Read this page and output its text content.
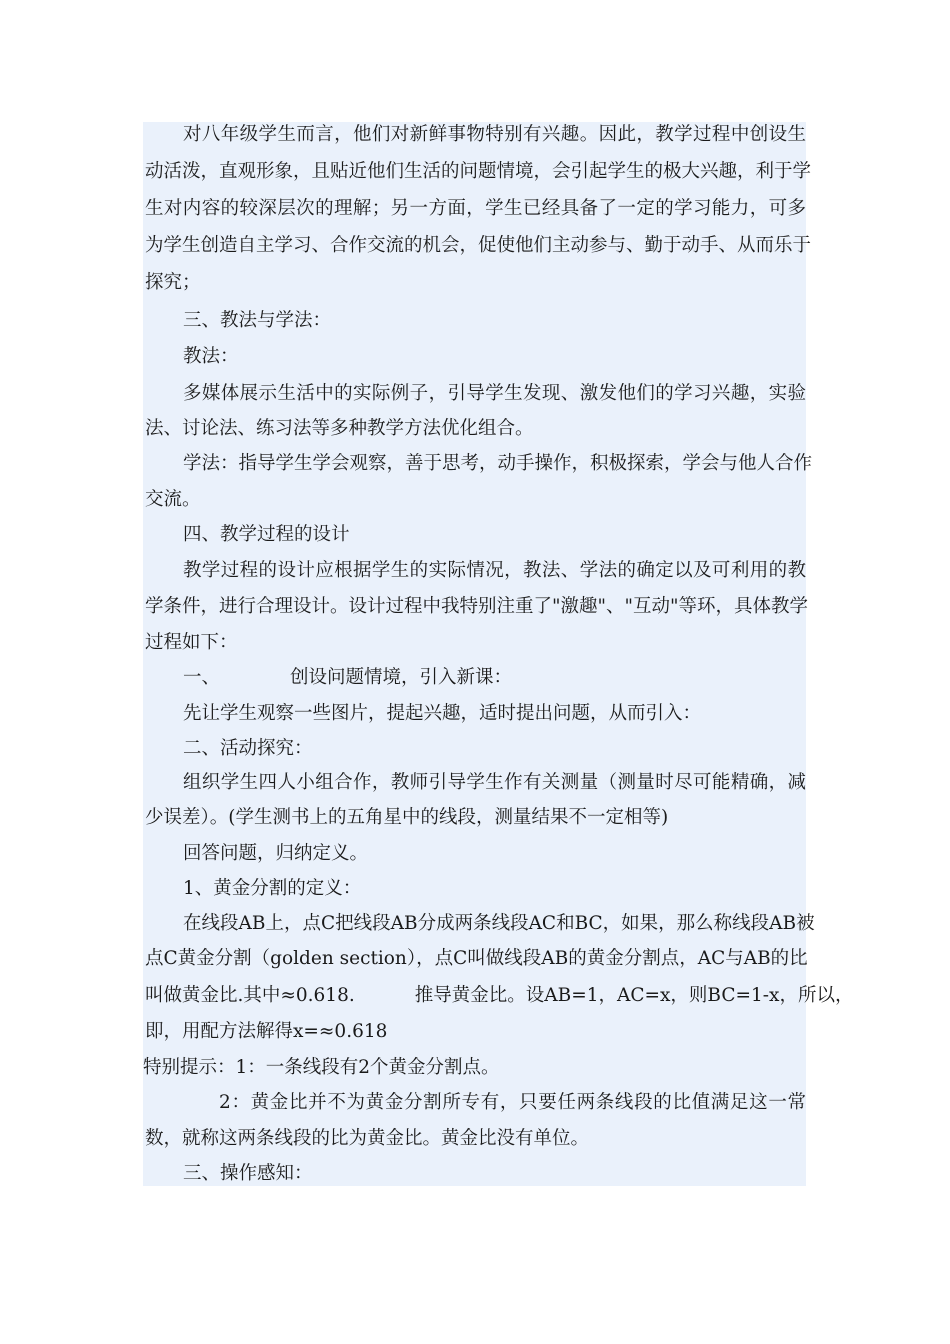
对八年级学生而言，他们对新鲜事物特别有兴趣。因此，教学过程中创设生
动活泼，直观形象，且贴近他们生活的问题情境，会引起学生的极大兴趣，利于学
生对内容的较深层次的理解；另一方面，学生已经具备了一定的学习能力，可多
为学生创造自主学习、合作交流的机会，促使他们主动参与、勤于动手、从而乐于
探究；
三、教法与学法：
教法：
多媒体展示生活中的实际例子，引导学生发现、激发他们的学习兴趣，实验
法、讨论法、练习法等多种教学方法优化组合。
学法：指导学生学会观察，善于思考，动手操作，积极探索，学会与他人合作
交流。
四、教学过程的设计
教学过程的设计应根据学生的实际情况，教法、学法的确定以及可利用的教
学条件，进行合理设计。设计过程中我特别注重了"激趣"、"互动"等环，具体教学
过程如下：
一、	创设问题情境，引入新课：
先让学生观察一些图片，提起兴趣，适时提出问题，从而引入：
二、活动探究：
组织学生四人小组合作，教师引导学生作有关测量（测量时尽可能精确，减
少误差）。(学生测书上的五角星中的线段，测量结果不一定相等)
回答问题，归纳定义。
1、黄金分割的定义：
在线段AB上，点C把线段AB分成两条线段AC和BC，如果，那么称线段AB被
点C黄金分割（golden section），点C叫做线段AB的黄金分割点，AC与AB的比
叫做黄金比.其中≈0.618.	推导黄金比。设AB=1，AC=x，则BC=1-x，所以，
即，用配方法解得x=≈0.618
特别提示：1：一条线段有2个黄金分割点。
2：黄金比并不为黄金分割所专有，只要任两条线段的比值满足这一常
数，就称这两条线段的比为黄金比。黄金比没有单位。
三、操作感知：
